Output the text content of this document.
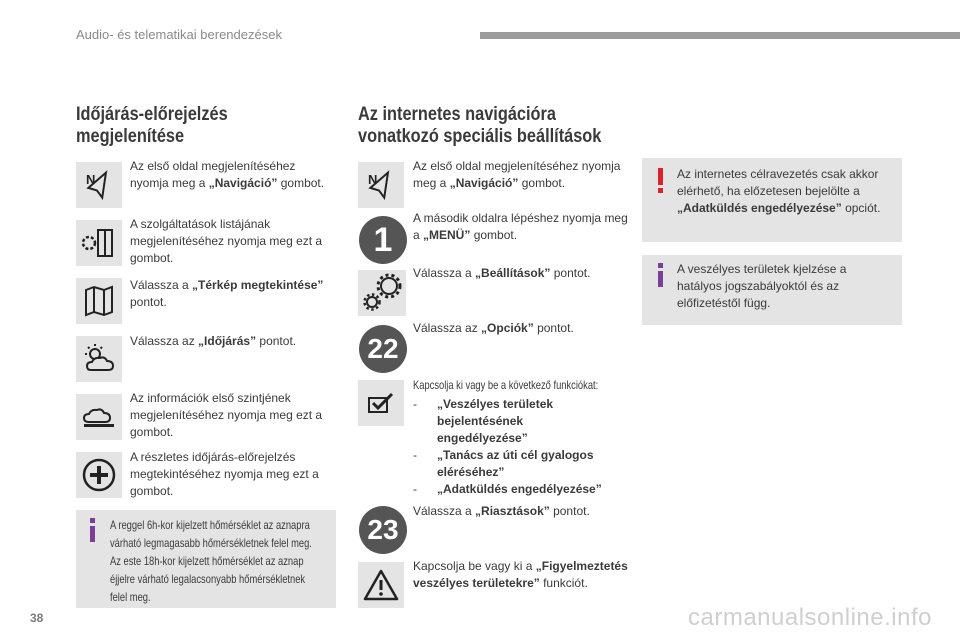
Audio- és telematikai berendezések
Időjárás-előrejelzés
megjelenítése
N
Az első oldal megjelenítéséhez nyomja meg a „Navigáció” gombot.
A szolgáltatások listájának megjelenítéséhez nyomja meg ezt a gombot.
Válassza a „Térkép megtekintése” pontot.
Válassza az „Időjárás” pontot.
Az információk első szintjének megjelenítéséhez nyomja meg ezt a gombot.
A részletes időjárás-előrejelzés megtekintéséhez nyomja meg ezt a gombot.
A reggel 6h-kor kijelzett hőmérséklet az aznapra
várható legmagasabb hőmérsékletnek felel meg.
Az este 18h-kor kijelzett hőmérséklet az aznap
éjjelre várható legalacsonyabb hőmérsékletnek
felel meg.
Az internetes navigációra
vonatkozó speciális beállítások
N
Az első oldal megjelenítéséhez nyomja meg a „Navigáció” gombot.
1
A második oldalra lépéshez nyomja meg a „MENÜ” gombot.
Válassza a „Beállítások” pontot.
22
Válassza az „Opciók” pontot.
Kapcsolja ki vagy be a következő funkciókat:
- „Veszélyes területek bejelentésének engedélyezése”
- „Tanács az úti cél gyalogos eléréséhez”
- „Adatküldés engedélyezése”
23
Válassza a „Riasztások” pontot.
Kapcsolja be vagy ki a „Figyelmeztetés veszélyes területekre” funkciót.
Az internetes célravezetés csak akkor elérhető, ha előzetesen bejelölte a „Adatküldés engedélyezése” opciót.
A veszélyes területek kjelzése a hatályos jogszabályoktól és az előfizetéstől függ.
38	carmanualsonline.info
